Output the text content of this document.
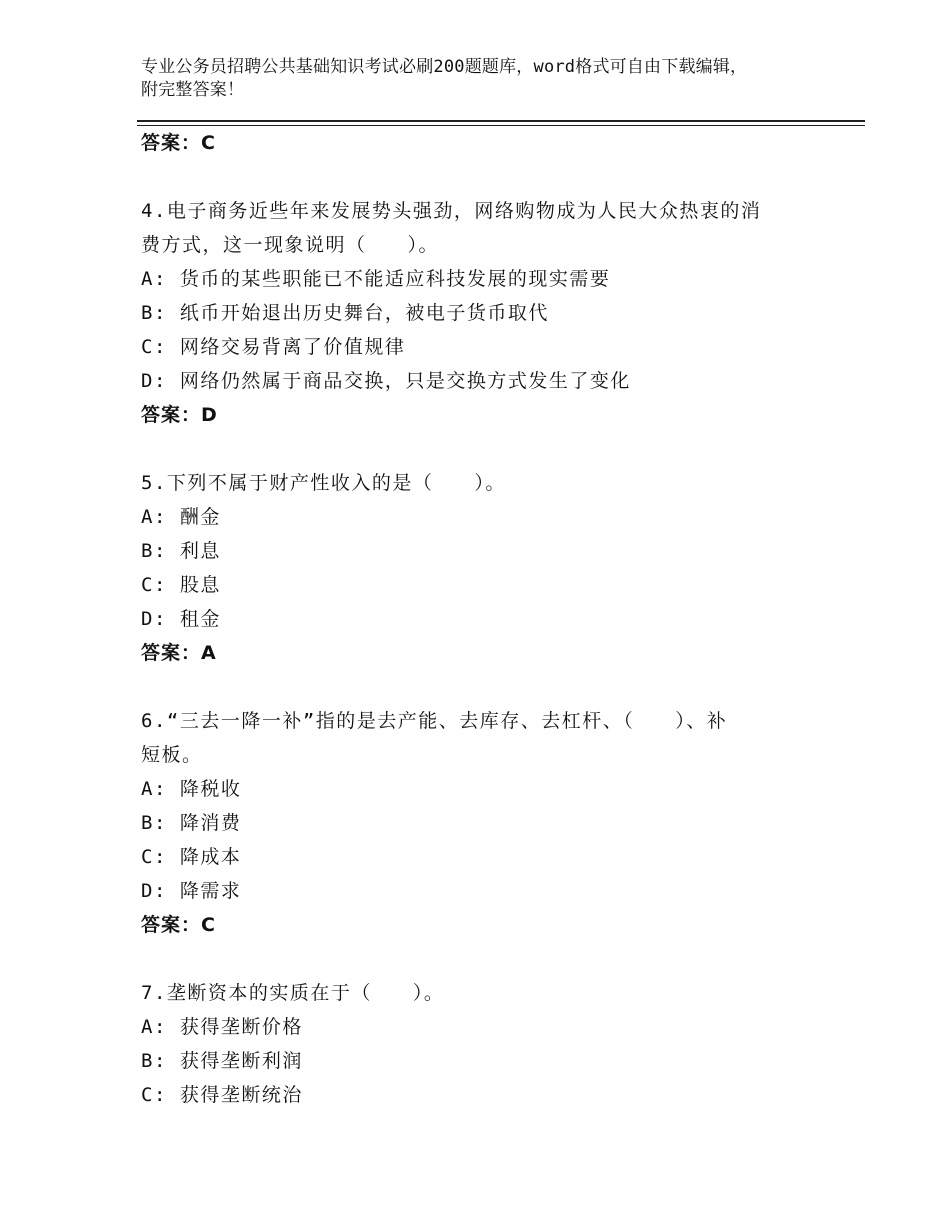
专业公务员招聘公共基础知识考试必刷200题题库，word格式可自由下载编辑，
附完整答案！
答案：C
4.电子商务近些年来发展势头强劲，网络购物成为人民大众热衷的消
费方式，这一现象说明（　　）。
A: 货币的某些职能已不能适应科技发展的现实需要
B: 纸币开始退出历史舞台，被电子货币取代
C: 网络交易背离了价值规律
D: 网络仍然属于商品交换，只是交换方式发生了变化
答案：D
5.下列不属于财产性收入的是（　　）。
A: 酬金
B: 利息
C: 股息
D: 租金
答案：A
6.“三去一降一补”指的是去产能、去库存、去杠杆、（　　）、补
短板。
A: 降税收
B: 降消费
C: 降成本
D: 降需求
答案：C
7.垄断资本的实质在于（　　）。
A: 获得垄断价格
B: 获得垄断利润
C: 获得垄断统治
